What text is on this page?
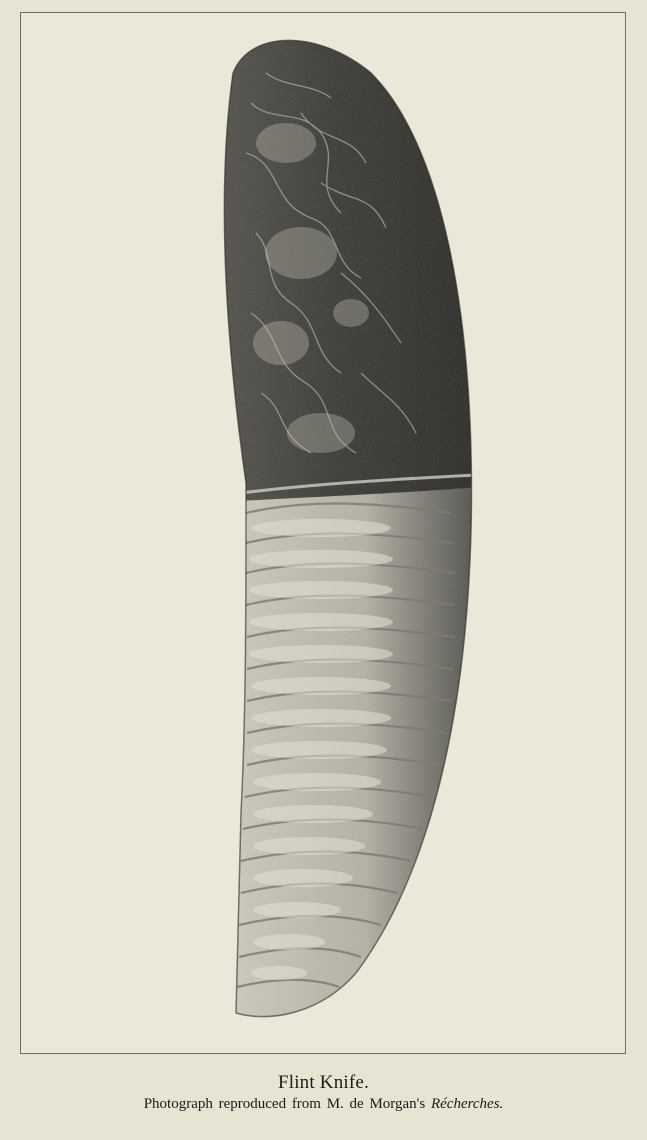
Flint Knife.
Photograph reproduced from M. de Morgan's Récherches.
